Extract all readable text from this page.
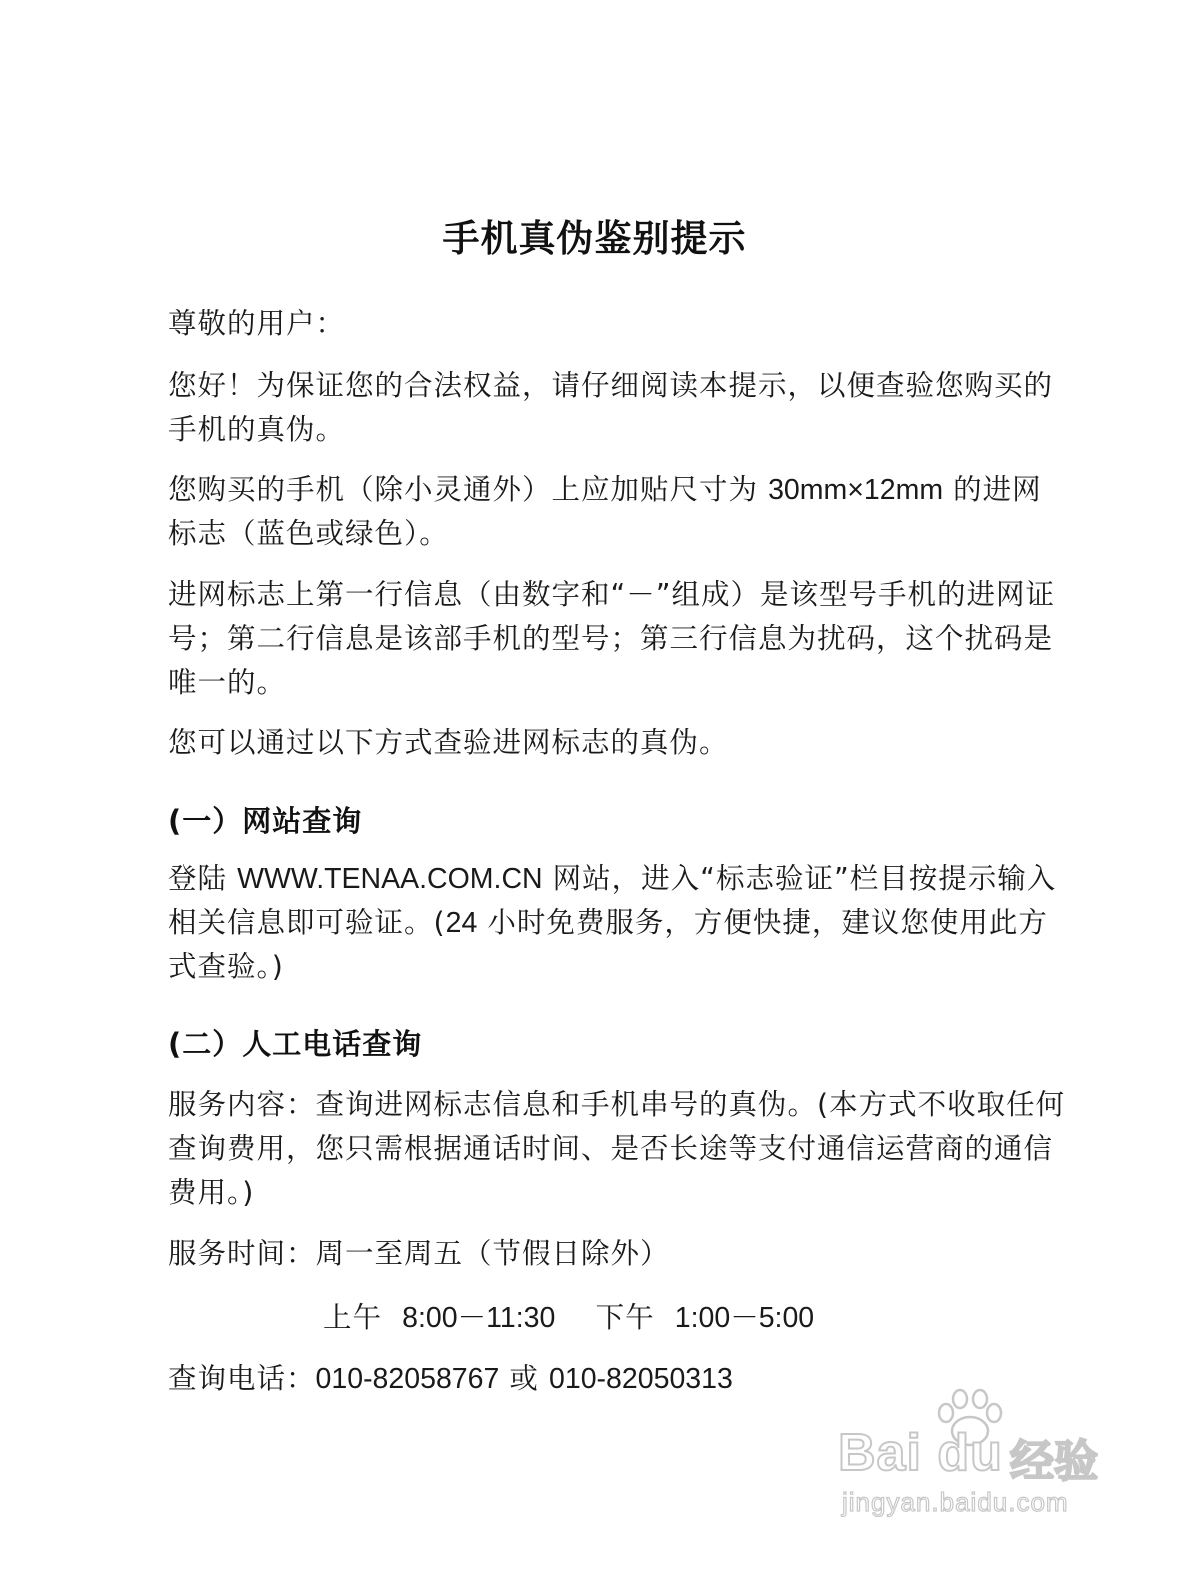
手机真伪鉴别提示

尊敬的用户：

您好！为保证您的合法权益，请仔细阅读本提示，以便查验您购买的手机的真伪。

您购买的手机（除小灵通外）上应加贴尺寸为 30mm×12mm 的进网标志（蓝色或绿色）。

进网标志上第一行信息（由数字和“－”组成）是该型号手机的进网证号；第二行信息是该部手机的型号；第三行信息为扰码，这个扰码是唯一的。

您可以通过以下方式查验进网标志的真伪。

(一）网站查询

登陆 WWW.TENAA.COM.CN 网站，进入“标志验证”栏目按提示输入相关信息即可验证。(24 小时免费服务，方便快捷，建议您使用此方式查验。)

(二）人工电话查询

服务内容：查询进网标志信息和手机串号的真伪。(本方式不收取任何查询费用，您只需根据通话时间、是否长途等支付通信运营商的通信费用。)

服务时间：周一至周五（节假日除外）

上午 8:00－11:30 下午 1:00－5:00

查询电话：010-82058767 或 010-82050313

Bai du 经验
jingyan.baidu.com
